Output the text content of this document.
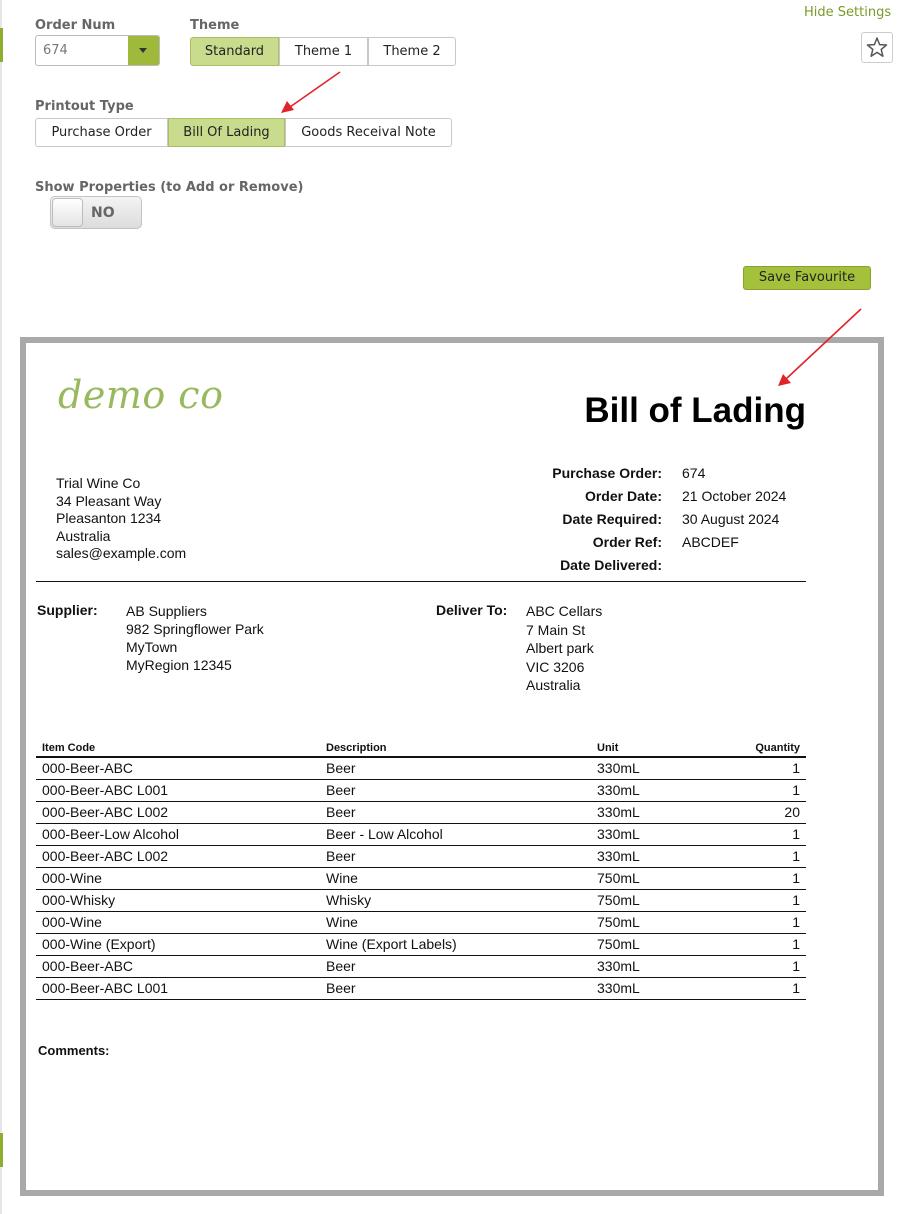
Order Num
674
Theme
Standard	Theme 1	Theme 2
Hide Settings
Printout Type
Purchase Order	Bill Of Lading	Goods Receival Note
Show Properties (to Add or Remove)
NO
Save Favourite
demo co	Bill of Lading
Trial Wine Co
34 Pleasant Way
Pleasanton 1234
Australia
sales@example.com
Purchase Order: 674
Order Date: 21 October 2024
Date Required: 30 August 2024
Order Ref: ABCDEF
Date Delivered:
Supplier: AB Suppliers
982 Springflower Park
MyTown
MyRegion 12345
Deliver To: ABC Cellars
7 Main St
Albert park
VIC 3206
Australia
Item Code	Description	Unit	Quantity
000-Beer-ABC	Beer	330mL	1
000-Beer-ABC L001	Beer	330mL	1
000-Beer-ABC L002	Beer	330mL	20
000-Beer-Low Alcohol	Beer - Low Alcohol	330mL	1
000-Beer-ABC L002	Beer	330mL	1
000-Wine	Wine	750mL	1
000-Whisky	Whisky	750mL	1
000-Wine	Wine	750mL	1
000-Wine (Export)	Wine (Export Labels)	750mL	1
000-Beer-ABC	Beer	330mL	1
000-Beer-ABC L001	Beer	330mL	1
Comments:
